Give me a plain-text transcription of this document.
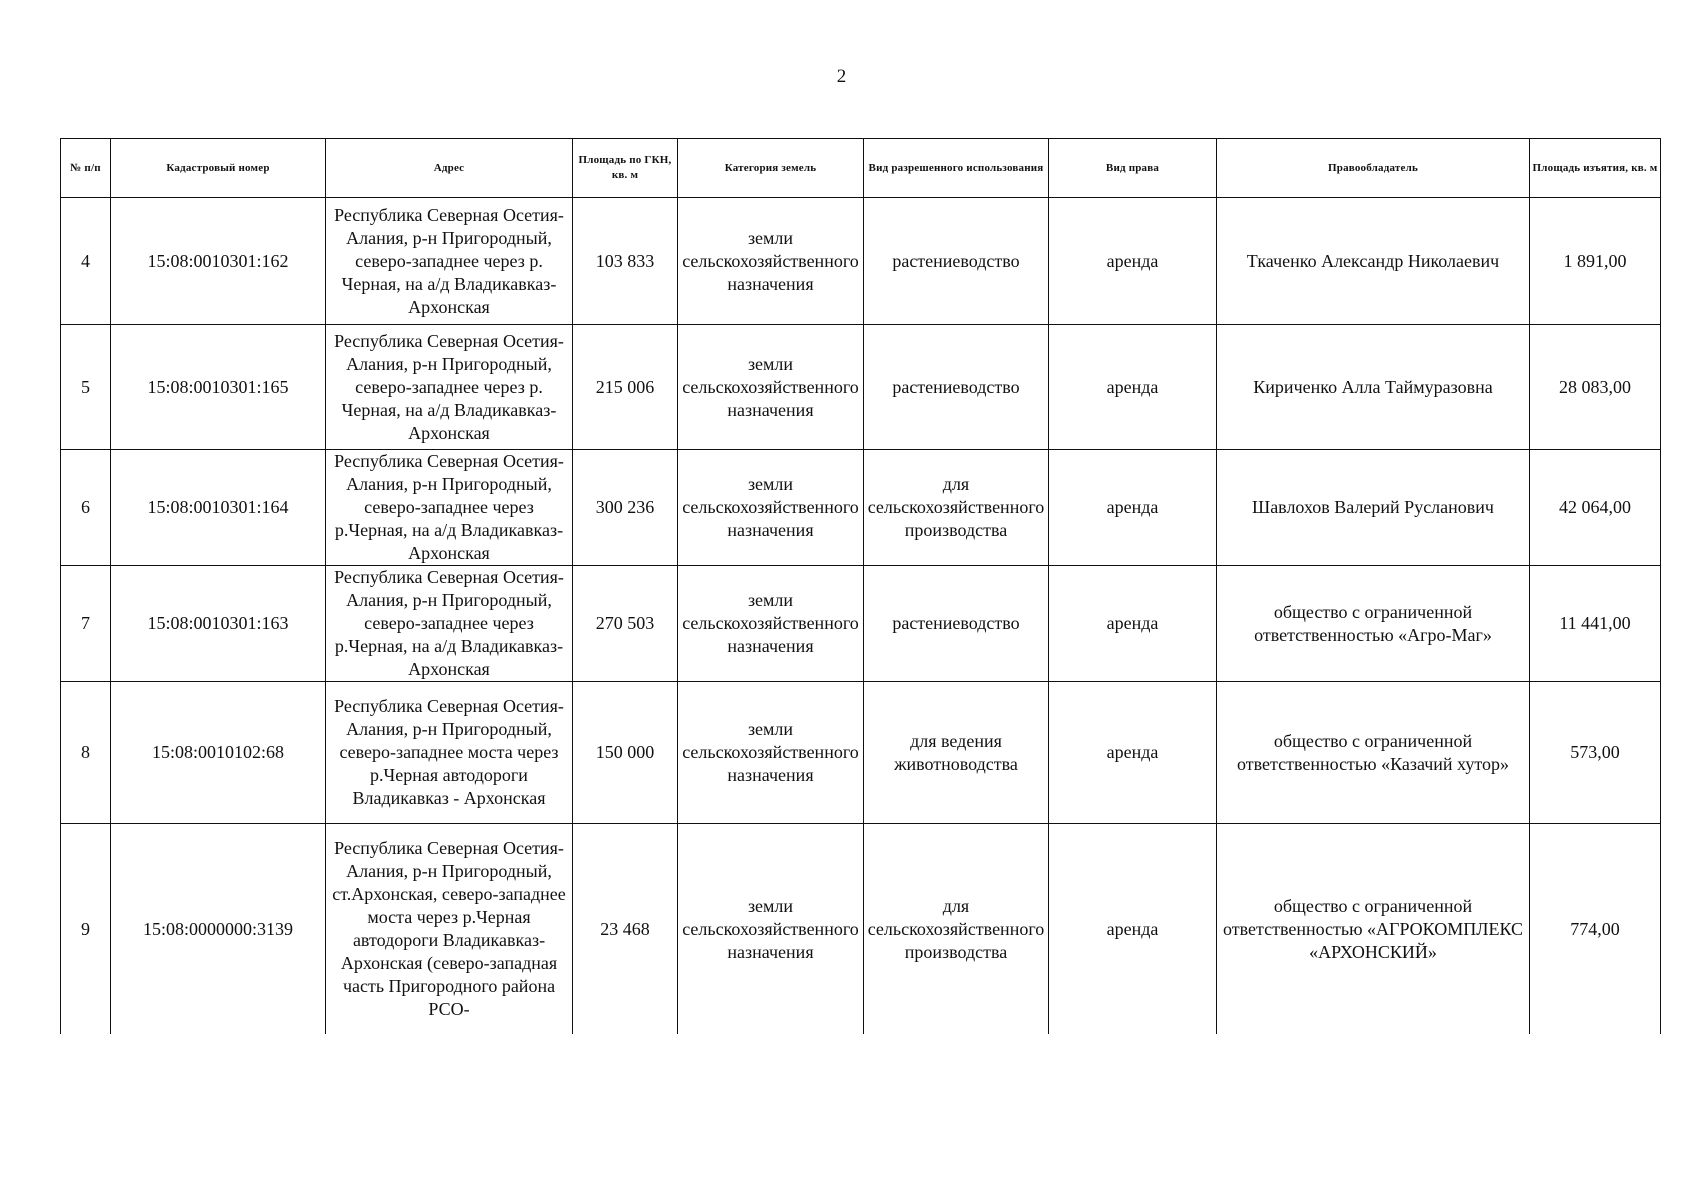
2
№ п/п	Кадастровый номер	Адрес	Площадь по ГКН, кв. м	Категория земель	Вид разрешенного использования	Вид права	Правообладатель	Площадь изъятия, кв. м
4	15:08:0010301:162	Республика Северная Осетия-Алания, р-н Пригородный, северо-западнее через р. Черная, на а/д Владикавказ-Архонская	103 833	земли сельскохозяйственного назначения	растениеводство	аренда	Ткаченко Александр Николаевич	1 891,00
5	15:08:0010301:165	Республика Северная Осетия-Алания, р-н Пригородный, северо-западнее через р. Черная, на а/д Владикавказ-Архонская	215 006	земли сельскохозяйственного назначения	растениеводство	аренда	Кириченко Алла Таймуразовна	28 083,00
6	15:08:0010301:164	Республика Северная Осетия-Алания, р-н Пригородный, северо-западнее через р.Черная, на а/д Владикавказ-Архонская	300 236	земли сельскохозяйственного назначения	для сельскохозяйственного производства	аренда	Шавлохов Валерий Русланович	42 064,00
7	15:08:0010301:163	Республика Северная Осетия-Алания, р-н Пригородный, северо-западнее через р.Черная, на а/д Владикавказ-Архонская	270 503	земли сельскохозяйственного назначения	растениеводство	аренда	общество с ограниченной ответственностью «Агро-Маг»	11 441,00
8	15:08:0010102:68	Республика Северная Осетия-Алания, р-н Пригородный, северо-западнее моста через р.Черная автодороги Владикавказ - Архонская	150 000	земли сельскохозяйственного назначения	для ведения животноводства	аренда	общество с ограниченной ответственностью «Казачий хутор»	573,00
9	15:08:0000000:3139	Республика Северная Осетия-Алания, р-н Пригородный, ст.Архонская, северо-западнее моста через р.Черная автодороги Владикавказ-Архонская (северо-западная часть Пригородного района РСО-	23 468	земли сельскохозяйственного назначения	для сельскохозяйственного производства	аренда	общество с ограниченной ответственностью «АГРОКОМПЛЕКС «АРХОНСКИЙ»	774,00
